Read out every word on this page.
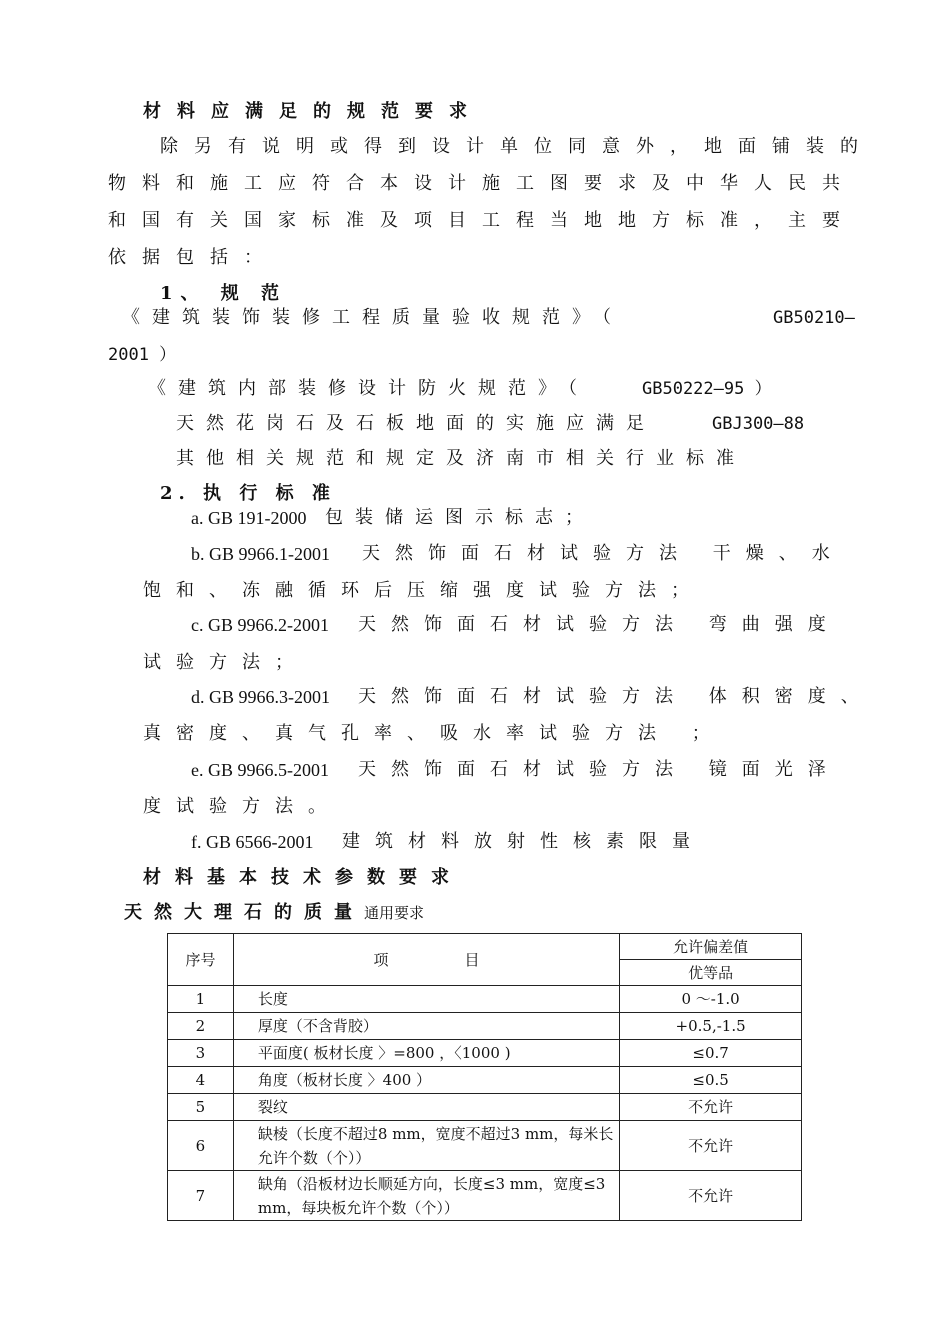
材料应满足的规范要求

除另有说明或得到设计单位同意外，地面铺装的

物料和施工应符合本设计施工图要求及中华人民共

和国有关国家标准及项目工程当地地方标准，主要

依据包括：

1、 规 范

《建筑装饰装修工程质量验收规范》（	GB50210—

2001 ）

《建筑内部装修设计防火规范》（	GB50222—95 ）

天然花岗石及石板地面的实施应满足	GBJ300—88

其他相关规范和规定及济南市相关行业标准

2. 执 行 标 准

a. GB 191-2000 包装储运图示标志；

b. GB 9966.1-2001 天然饰面石材试验方法 干燥、水

饱和、冻融循环后压缩强度试验方法；

c. GB 9966.2-2001 天然饰面石材试验方法 弯曲强度

试验方法；

d. GB 9966.3-2001 天然饰面石材试验方法 体积密度、

真密度、真气孔率、吸水率试验方法 ；

e. GB 9966.5-2001 天然饰面石材试验方法 镜面光泽

度试验方法。

f. GB 6566-2001 建筑材料放射性核素限量

材料基本技术参数要求

天然大理石的质量通用要求

序号	项 目	允许偏差值
		优等品
1	长度	0 ～-1.0
2	厚度（不含背胶）	+0.5,-1.5
3	平面度( 板材长度 〉=800 ，〈1000 )	≤0.7
4	角度（板材长度 〉400 ）	≤0.5
5	裂纹	不允许
6	缺棱（长度不超过8 mm，宽度不超过3 mm，每米长允许个数（个））	不允许
7	缺角（沿板材边长顺延方向，长度≤3 mm，宽度≤3 mm，每块板允许个数（个））	不允许
